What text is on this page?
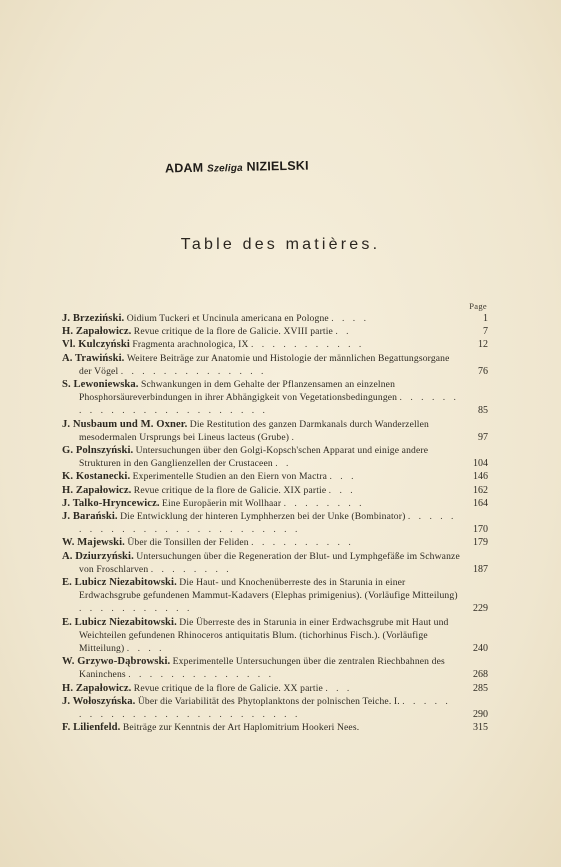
ADAM Szeliga NIZIELSKI
Table des matières.
Page
J. Brzeziński. Oidium Tuckeri et Uncinula americana en Pologne . . . .	1
H. Zapałowicz. Revue critique de la flore de Galicie. XVIII partie . .	7
Vl. Kulczyński Fragmenta arachnologica, IX . . . . . . . . . . .	12
A. Trawiński. Weitere Beiträge zur Anatomie und Histologie der männlichen Begattungsorgane der Vögel . . . . . . . . . . . . . .	76
S. Lewoniewska. Schwankungen in dem Gehalte der Pflanzensamen an einzelnen Phosphorsäureverbindungen in ihrer Abhängigkeit von Vegetationsbedingungen . . . . . . . . . . . . . . . . . . . . . . . .	85
J. Nusbaum und M. Oxner. Die Restitution des ganzen Darmkanals durch Wanderzellen mesodermalen Ursprungs bei Lineus lacteus (Grube) .	97
G. Polnszyński. Untersuchungen über den Golgi-Kopsch'schen Apparat und einige andere Strukturen in den Ganglienzellen der Crustaceen . .	104
K. Kostanecki. Experimentelle Studien an den Eiern von Mactra . . .	146
H. Zapałowicz. Revue critique de la flore de Galicie. XIX partie . . .	162
J. Talko-Hryncewicz. Eine Europäerin mit Wollhaar . . . . . . . .	164
J. Barański. Die Entwicklung der hinteren Lymphherzen bei der Unke (Bombinator) . . . . . . . . . . . . . . . . . . . . . . . . . .	170
W. Majewski. Über die Tonsillen der Feliden . . . . . . . . . .	179
A. Dziurzyński. Untersuchungen über die Regeneration der Blut- und Lymphgefäße im Schwanze von Froschlarven . . . . . . . .	187
E. Lubicz Niezabitowski. Die Haut- und Knochenüberreste des in Starunia in einer Erdwachsgrube gefundenen Mammut-Kadavers (Elephas primigenius). (Vorläufige Mitteilung) . . . . . . . . . . .	229
E. Lubicz Niezabitowski. Die Überreste des in Starunia in einer Erdwachsgrube mit Haut und Weichteilen gefundenen Rhinoceros antiquitatis Blum. (tichorhinus Fisch.). (Vorläufige Mitteilung) . . . .	240
W. Grzywo-Dąbrowski. Experimentelle Untersuchungen über die zentralen Riechbahnen des Kaninchens . . . . . . . . . . . . . .	268
H. Zapałowicz. Revue critique de la flore de Galicie. XX partie . . .	285
J. Wołoszyńska. Über die Variabilität des Phytoplanktons der polnischen Teiche. I. . . . . . . . . . . . . . . . . . . . . . . . . . .	290
F. Lilienfeld. Beiträge zur Kenntnis der Art Haplomitrium Hookeri Nees.	315
